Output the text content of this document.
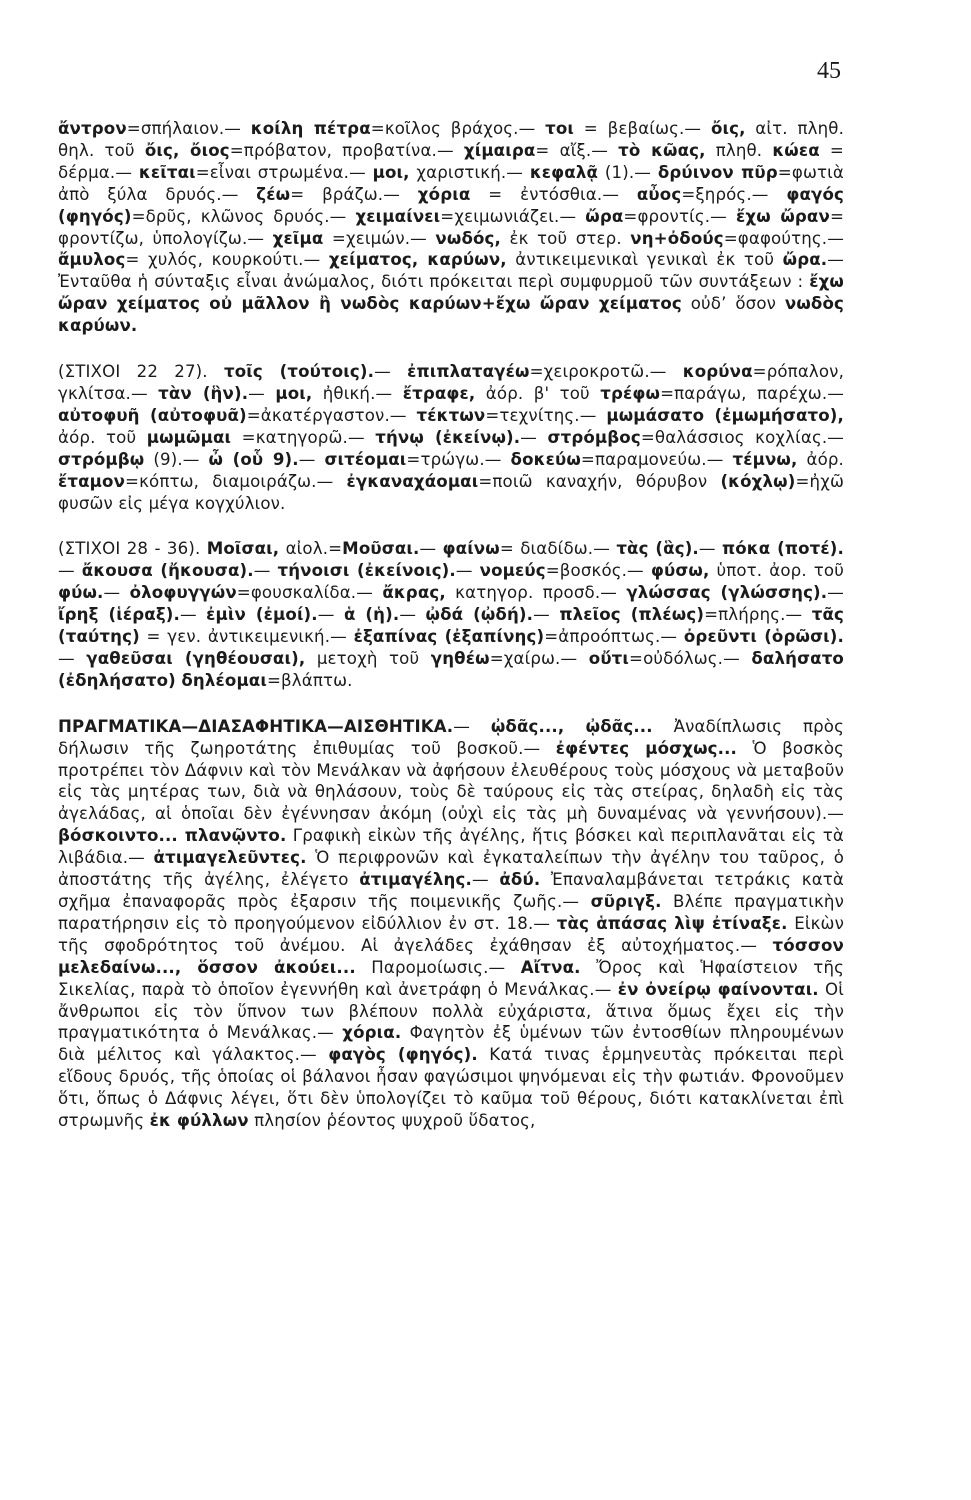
45

ἄντρον=σπήλαιον.— κοίλη πέτρα=κοῖλος βράχος.— τοι = βεβαίως.— ὄις, αἰτ. πληθ. θηλ. τοῦ ὄις, ὄιος=πρόβατον, προβατίνα.— χίμαιρα= αἴξ.— τὸ κῶας, πληθ. κώεα = δέρμα.— κεῖται=εἶναι στρωμένα.— μοι, χαριστική.— κεφαλᾷ (1).— δρύινον πῦρ=φωτιὰ ἀπὸ ξύλα δρυός.— ζέω= βράζω.— χόρια = ἐντόσθια.— αὖος=ξηρός.— φαγός (φηγός)=δρῦς, κλῶνος δρυός.— χειμαίνει=χειμωνιάζει.— ὤρα=φροντίς.— ἔχω ὤραν= φροντίζω, ὑπολογίζω.— χεῖμα =χειμών.— νωδός, ἐκ τοῦ στερ. νη+ὀδούς=φαφούτης.— ἄμυλος= χυλός, κουρκούτι.— χείματος, καρύων, ἀντικειμενικαὶ γενικαὶ ἐκ τοῦ ὤρα.— Ἐνταῦθα ἡ σύνταξις εἶναι ἀνώμαλος, διότι πρόκειται περὶ συμφυρμοῦ τῶν συντάξεων : ἔχω ὤραν χείματος οὐ μᾶλλον ἢ νωδὸς καρύων+ἔχω ὤραν χείματος οὐδ’ ὅσον νωδὸς καρύων.

(ΣΤΙΧΟΙ 22 27). τοῖς (τούτοις).— ἐπιπλαταγέω=χειροκροτῶ.— κορύνα=ρόπαλον, γκλίτσα.— τὰν (ἣν).— μοι, ἠθική.— ἔτραφε, ἀόρ. β' τοῦ τρέφω=παράγω, παρέχω.— αὐτοφυῆ (αὐτοφυᾶ)=ἀκατέργαστον.— τέκτων=τεχνίτης.— μωμάσατο (ἐμωμήσατο), ἀόρ. τοῦ μωμῶμαι =κατηγορῶ.— τήνῳ (ἐκείνῳ).— στρόμβος=θαλάσσιος κοχλίας.— στρόμβῳ (9).— ὦ (οὗ 9).— σιτέομαι=τρώγω.— δοκεύω=παραμονεύω.— τέμνω, ἀόρ. ἔταμον=κόπτω, διαμοιράζω.— ἐγκαναχάομαι=ποιῶ καναχήν, θόρυβον (κόχλῳ)=ἠχῶ φυσῶν εἰς μέγα κογχύλιον.

(ΣΤΙΧΟΙ 28 - 36). Μοῖσαι, αἰολ.=Μοῦσαι.— φαίνω= διαδίδω.— τὰς (ἃς).— πόκα (ποτέ).— ἄκουσα (ἤκουσα).— τήνοισι (ἐκείνοις).— νομεύς=βοσκός.— φύσω, ὑποτ. ἀορ. τοῦ φύω.— ὀλοφυγγών=φουσκαλίδα.— ἄκρας, κατηγορ. προσδ.— γλώσσας (γλώσσης).— ἴρηξ (ἱέραξ).— ἐμὶν (ἐμοί).— ἁ (ἡ).— ᾠδά (ᾠδή).— πλεῖος (πλέως)=πλήρης.— τᾶς (ταύτης) = γεν. ἀντικειμενική.— ἐξαπίνας (ἐξαπίνης)=ἀπροόπτως.— ὀρεῦντι (ὁρῶσι).— γαθεῦσαι (γηθέουσαι), μετοχὴ τοῦ γηθέω=χαίρω.— οὔτι=οὐδόλως.— δαλήσατο (ἐδηλήσατο) δηλέομαι=βλάπτω.

ΠΡΑΓΜΑΤΙΚΑ—ΔΙΑΣΑΦΗΤΙΚΑ—ΑΙΣΘΗΤΙΚΑ.— ᾠδᾶς..., ᾠδᾶς... Ἀναδίπλωσις πρὸς δήλωσιν τῆς ζωηροτάτης ἐπιθυμίας τοῦ βοσκοῦ.— ἐφέντες μόσχως... Ὁ βοσκὸς προτρέπει τὸν Δάφνιν καὶ τὸν Μενάλκαν νὰ ἀφήσουν ἐλευθέρους τοὺς μόσχους νὰ μεταβοῦν εἰς τὰς μητέρας των, διὰ νὰ θηλάσουν, τοὺς δὲ ταύρους εἰς τὰς στείρας, δηλαδὴ εἰς τὰς ἀγελάδας, αἱ ὁποῖαι δὲν ἐγέννησαν ἀκόμη (οὐχὶ εἰς τὰς μὴ δυναμένας νὰ γεννήσουν).— βόσκοιντο... πλανῷντο. Γραφικὴ εἰκὼν τῆς ἀγέλης, ἥτις βόσκει καὶ περιπλανᾶται εἰς τὰ λιβάδια.— ἀτιμαγελεῦντες. Ὁ περιφρονῶν καὶ ἐγκαταλείπων τὴν ἀγέλην του ταῦρος, ὁ ἀποστάτης τῆς ἀγέλης, ἐλέγετο ἀτιμαγέλης.— ἀδύ. Ἐπαναλαμβάνεται τετράκις κατὰ σχῆμα ἐπαναφορᾶς πρὸς ἐξαρσιν τῆς ποιμενικῆς ζωῆς.— σῦριγξ. Βλέπε πραγματικὴν παρατήρησιν εἰς τὸ προηγούμενον εἰδύλλιον ἐν στ. 18.— τὰς ἁπάσας λὶψ ἐτίναξε. Εἰκὼν τῆς σφοδρότητος τοῦ ἀνέμου. Αἱ ἀγελάδες ἐχάθησαν ἐξ αὐτοχήματος.— τόσσον μελεδαίνω..., ὅσσον ἀκούει... Παρομοίωσις.— Αἴτνα. Ὄρος καὶ Ἡφαίστειον τῆς Σικελίας, παρὰ τὸ ὁποῖον ἐγεννήθη καὶ ἀνετράφη ὁ Μενάλκας.— ἐν ὀνείρῳ φαίνονται. Οἱ ἄνθρωποι εἰς τὸν ὕπνον των βλέπουν πολλὰ εὐχάριστα, ἅτινα ὅμως ἔχει εἰς τὴν πραγματικότητα ὁ Μενάλκας.— χόρια. Φαγητὸν ἐξ ὑμένων τῶν ἐντοσθίων πληρουμένων διὰ μέλιτος καὶ γάλακτος.— φαγὸς (φηγός). Κατά τινας ἑρμηνευτὰς πρόκειται περὶ εἴδους δρυός, τῆς ὁποίας οἱ βάλανοι ἦσαν φαγώσιμοι ψηνόμεναι εἰς τὴν φωτιάν. Φρονοῦμεν ὅτι, ὅπως ὁ Δάφνις λέγει, ὅτι δὲν ὑπολογίζει τὸ καῦμα τοῦ θέρους, διότι κατακλίνεται ἐπὶ στρωμνῆς ἐκ φύλλων πλησίον ῥέοντος ψυχροῦ ὕδατος,
